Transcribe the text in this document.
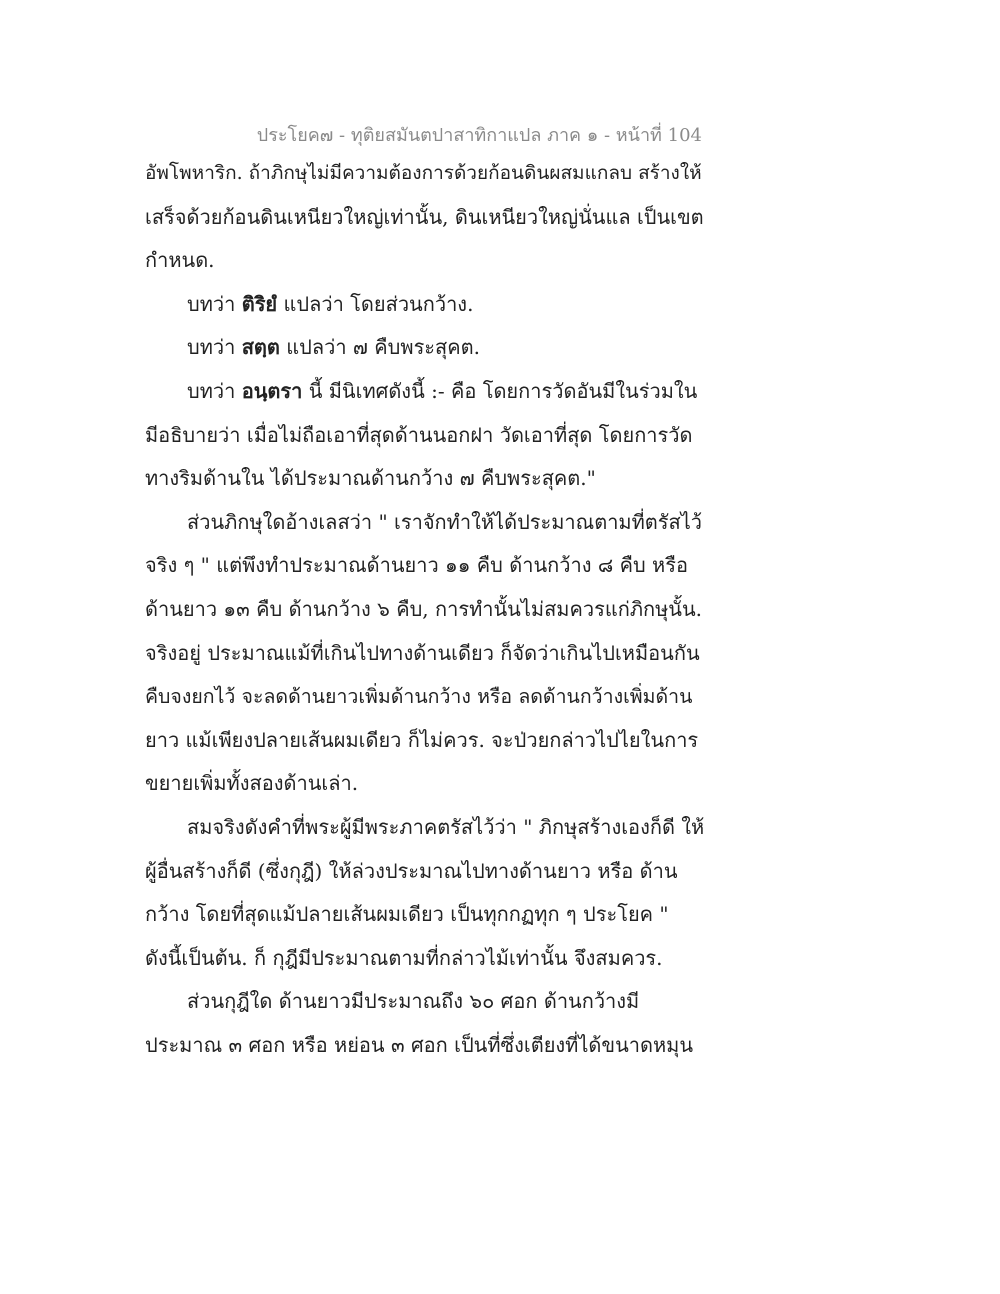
ประโยค๗ - ทุติยสมันตปาสาทิกาแปล ภาค ๑ - หน้าที่ 104
อัพโพหาริก. ถ้าภิกษุไม่มีความต้องการด้วยก้อนดินผสมแกลบ สร้างให้
เสร็จด้วยก้อนดินเหนียวใหญ่เท่านั้น, ดินเหนียวใหญ่นั่นแล เป็นเขต
กำหนด.
บทว่า ติริยํ แปลว่า โดยส่วนกว้าง.
บทว่า สตฺต แปลว่า ๗ คืบพระสุคต.
บทว่า อนฺตรา นี้ มีนิเทศดังนี้ :- คือ โดยการวัดอันมีในร่วมใน
มีอธิบายว่า เมื่อไม่ถือเอาที่สุดด้านนอกฝา วัดเอาที่สุด โดยการวัด
ทางริมด้านใน ได้ประมาณด้านกว้าง ๗ คืบพระสุคต."
ส่วนภิกษุใดอ้างเลสว่า " เราจักทำให้ได้ประมาณตามที่ตรัสไว้
จริง ๆ " แต่พึงทำประมาณด้านยาว ๑๑ คืบ ด้านกว้าง ๘ คืบ หรือ
ด้านยาว ๑๓ คืบ ด้านกว้าง ๖ คืบ, การทำนั้นไม่สมควรแก่ภิกษุนั้น.
จริงอยู่ ประมาณแม้ที่เกินไปทางด้านเดียว ก็จัดว่าเกินไปเหมือนกัน
คืบจงยกไว้ จะลดด้านยาวเพิ่มด้านกว้าง หรือ ลดด้านกว้างเพิ่มด้าน
ยาว แม้เพียงปลายเส้นผมเดียว ก็ไม่ควร. จะป่วยกล่าวไปไยในการ
ขยายเพิ่มทั้งสองด้านเล่า.
สมจริงดังคำที่พระผู้มีพระภาคตรัสไว้ว่า " ภิกษุสร้างเองก็ดี ให้
ผู้อื่นสร้างก็ดี (ซึ่งกุฎี) ให้ล่วงประมาณไปทางด้านยาว หรือ ด้าน
กว้าง โดยที่สุดแม้ปลายเส้นผมเดียว เป็นทุกกฏทุก ๆ ประโยค "
ดังนี้เป็นต้น. ก็ กุฎีมีประมาณตามที่กล่าวไม้เท่านั้น จึงสมควร.
ส่วนกุฎีใด ด้านยาวมีประมาณถึง ๖๐ ศอก ด้านกว้างมี
ประมาณ ๓ ศอก หรือ หย่อน ๓ ศอก เป็นที่ซึ่งเตียงที่ได้ขนาดหมุน
